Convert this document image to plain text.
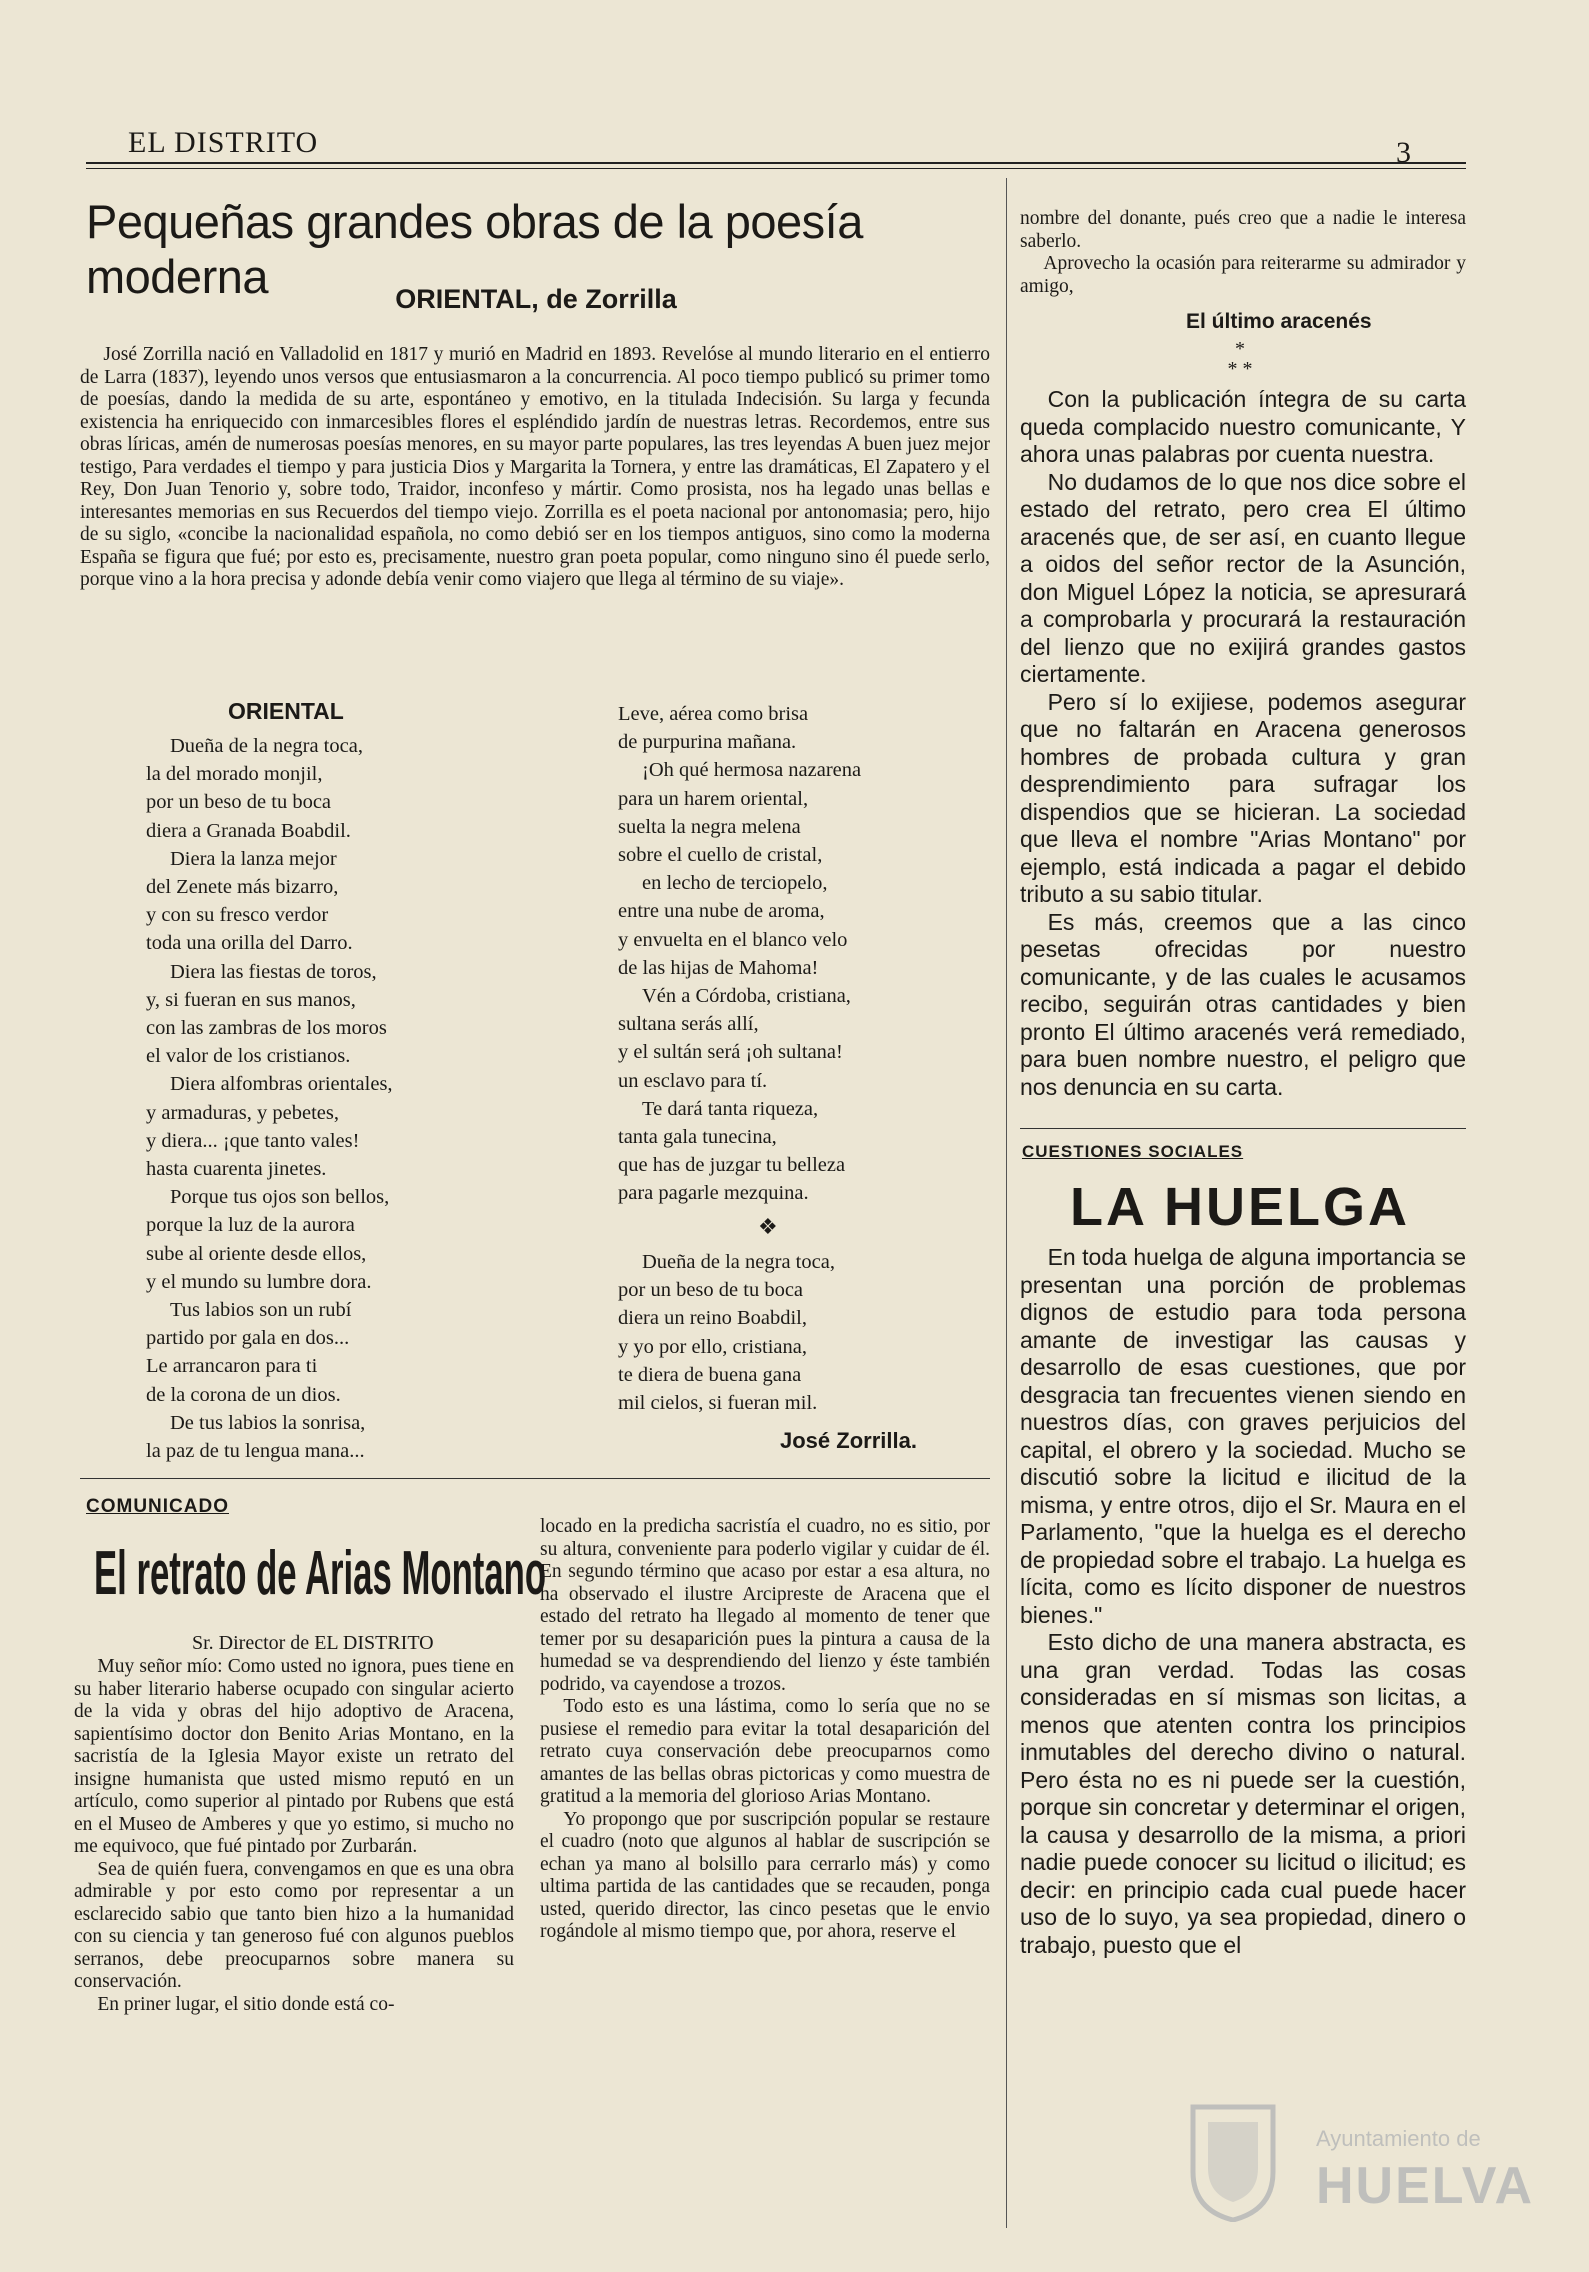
EL DISTRITO	3
Pequeñas grandes obras de la poesía moderna	ORIENTAL, de Zorrilla

José Zorrilla nació en Valladolid en 1817 y murió en Madrid en 1893. Revelóse al mundo literario en el entierro de Larra (1837), leyendo unos versos que entusiasmaron a la concurrencia. Al poco tiempo publicó su primer tomo de poesías, dando la medida de su arte, espontáneo y emotivo, en la titulada Indecisión. Su larga y fecunda existencia ha enriquecido con inmarcesibles flores el espléndido jardín de nuestras letras. Recordemos, entre sus obras líricas, amén de numerosas poesías menores, en su mayor parte populares, las tres leyendas A buen juez mejor testigo, Para verdades el tiempo y para justicia Dios y Margarita la Tornera, y entre las dramáticas, El Zapatero y el Rey, Don Juan Tenorio y, sobre todo, Traidor, inconfeso y mártir. Como prosista, nos ha legado unas bellas e interesantes memorias en sus Recuerdos del tiempo viejo. Zorrilla es el poeta nacional por antonomasia; pero, hijo de su siglo, «concibe la nacionalidad española, no como debió ser en los tiempos antiguos, sino como la moderna España se figura que fué; por esto es, precisamente, nuestro gran poeta popular, como ninguno sino él puede serlo, porque vino a la hora precisa y adonde debía venir como viajero que llega al término de su viaje».

ORIENTAL
Dueña de la negra toca,
la del morado monjil,
por un beso de tu boca
diera a Granada Boabdil.
Diera la lanza mejor
del Zenete más bizarro,
y con su fresco verdor
toda una orilla del Darro.
Diera las fiestas de toros,
y, si fueran en sus manos,
con las zambras de los moros
el valor de los cristianos.
Diera alfombras orientales,
y armaduras, y pebetes,
y diera... ¡que tanto vales!
hasta cuarenta jinetes.
Porque tus ojos son bellos,
porque la luz de la aurora
sube al oriente desde ellos,
y el mundo su lumbre dora.
Tus labios son un rubí
partido por gala en dos...
Le arrancaron para ti
de la corona de un dios.
De tus labios la sonrisa,
la paz de tu lengua mana...
Leve, aérea como brisa
de purpurina mañana.
¡Oh qué hermosa nazarena
para un harem oriental,
suelta la negra melena
sobre el cuello de cristal,
en lecho de terciopelo,
entre una nube de aroma,
y envuelta en el blanco velo
de las hijas de Mahoma!
Vén a Córdoba, cristiana,
sultana serás allí,
y el sultán será ¡oh sultana!
un esclavo para tí.
Te dará tanta riqueza,
tanta gala tunecina,
que has de juzgar tu belleza
para pagarle mezquina.
❖
Dueña de la negra toca,
por un beso de tu boca
diera un reino Boabdil,
y yo por ello, cristiana,
te diera de buena gana
mil cielos, si fueran mil.
José Zorrilla.
COMUNICADO
El retrato de Arias Montano
Sr. Director de EL DISTRITO

Muy señor mío: Como usted no ignora, pues tiene en su haber literario haberse ocupado con singular acierto de la vida y obras del hijo adoptivo de Aracena, sapientísimo doctor don Benito Arias Montano, en la sacristía de la Iglesia Mayor existe un retrato del insigne humanista que usted mismo reputó en un artículo, como superior al pintado por Rubens que está en el Museo de Amberes y que yo estimo, si mucho no me equivoco, que fué pintado por Zurbarán.

Sea de quién fuera, convengamos en que es una obra admirable y por esto como por representar a un esclarecido sabio que tanto bien hizo a la humanidad con su ciencia y tan generoso fué con algunos pueblos serranos, debe preocuparnos sobre manera su conservación.

En priner lugar, el sitio donde está co-

locado en la predicha sacristía el cuadro, no es sitio, por su altura, conveniente para poderlo vigilar y cuidar de él. En segundo término que acaso por estar a esa altura, no ha observado el ilustre Arcipreste de Aracena que el estado del retrato ha llegado al momento de tener que temer por su desaparición pues la pintura a causa de la humedad se va desprendiendo del lienzo y éste también podrido, va cayendose a trozos.

Todo esto es una lástima, como lo sería que no se pusiese el remedio para evitar la total desaparición del retrato cuya conservación debe preocuparnos como amantes de las bellas obras pictoricas y como muestra de gratitud a la memoria del glorioso Arias Montano.

Yo propongo que por suscripción popular se restaure el cuadro (noto que algunos al hablar de suscripción se echan ya mano al bolsillo para cerrarlo más) y como ultima partida de las cantidades que se recauden, ponga usted, querido director, las cinco pesetas que le envio rogándole al mismo tiempo que, por ahora, reserve el

nombre del donante, pués creo que a nadie le interesa saberlo.

Aprovecho la ocasión para reiterarme su admirador y amigo,

El último aracenés
*
* *

Con la publicación íntegra de su carta queda complacido nuestro comunicante, Y ahora unas palabras por cuenta nuestra.

No dudamos de lo que nos dice sobre el estado del retrato, pero crea El último aracenés que, de ser así, en cuanto llegue a oidos del señor rector de la Asunción, don Miguel López la noticia, se apresurará a comprobarla y procurará la restauración del lienzo que no exijirá grandes gastos ciertamente.

Pero sí lo exijiese, podemos asegurar que no faltarán en Aracena generosos hombres de probada cultura y gran desprendimiento para sufragar los dispendios que se hicieran. La sociedad que lleva el nombre "Arias Montano" por ejemplo, está indicada a pagar el debido tributo a su sabio titular.

Es más, creemos que a las cinco pesetas ofrecidas por nuestro comunicante, y de las cuales le acusamos recibo, seguirán otras cantidades y bien pronto El último aracenés verá remediado, para buen nombre nuestro, el peligro que nos denuncia en su carta.

CUESTIONES SOCIALES
LA HUELGA

En toda huelga de alguna importancia se presentan una porción de problemas dignos de estudio para toda persona amante de investigar las causas y desarrollo de esas cuestiones, que por desgracia tan frecuentes vienen siendo en nuestros días, con graves perjuicios del capital, el obrero y la sociedad. Mucho se discutió sobre la licitud e ilicitud de la misma, y entre otros, dijo el Sr. Maura en el Parlamento, "que la huelga es el derecho de propiedad sobre el trabajo. La huelga es lícita, como es lícito disponer de nuestros bienes."

Esto dicho de una manera abstracta, es una gran verdad. Todas las cosas consideradas en sí mismas son licitas, a menos que atenten contra los principios inmutables del derecho divino o natural. Pero ésta no es ni puede ser la cuestión, porque sin concretar y determinar el origen, la causa y desarrollo de la misma, a priori nadie puede conocer su licitud o ilicitud; es decir: en principio cada cual puede hacer uso de lo suyo, ya sea propiedad, dinero o trabajo, puesto que el

Ayuntamiento de
HUELVA
